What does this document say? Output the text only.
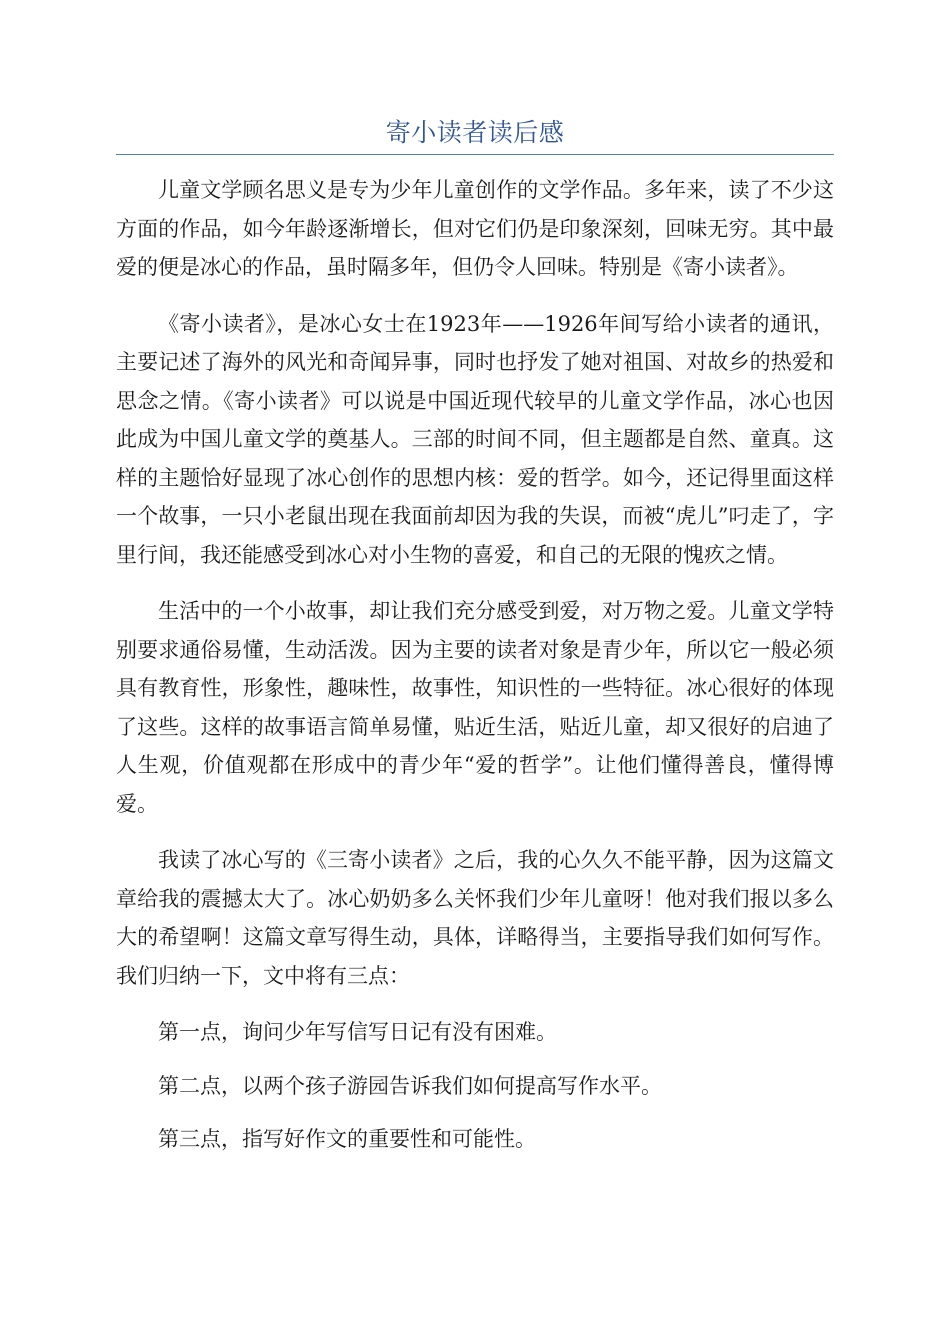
寄小读者读后感

儿童文学顾名思义是专为少年儿童创作的文学作品。多年来，读了不少这方面的作品，如今年龄逐渐增长，但对它们仍是印象深刻，回味无穷。其中最爱的便是冰心的作品，虽时隔多年，但仍令人回味。特别是《寄小读者》。

《寄小读者》，是冰心女士在1923年——1926年间写给小读者的通讯，主要记述了海外的风光和奇闻异事，同时也抒发了她对祖国、对故乡的热爱和思念之情。《寄小读者》可以说是中国近现代较早的儿童文学作品，冰心也因此成为中国儿童文学的奠基人。三部的时间不同，但主题都是自然、童真。这样的主题恰好显现了冰心创作的思想内核：爱的哲学。如今，还记得里面这样一个故事，一只小老鼠出现在我面前却因为我的失误，而被“虎儿”叼走了，字里行间，我还能感受到冰心对小生物的喜爱，和自己的无限的愧疚之情。

生活中的一个小故事，却让我们充分感受到爱，对万物之爱。儿童文学特别要求通俗易懂，生动活泼。因为主要的读者对象是青少年，所以它一般必须具有教育性，形象性，趣味性，故事性，知识性的一些特征。冰心很好的体现了这些。这样的故事语言简单易懂，贴近生活，贴近儿童，却又很好的启迪了人生观，价值观都在形成中的青少年“爱的哲学”。让他们懂得善良，懂得博爱。

我读了冰心写的《三寄小读者》之后，我的心久久不能平静，因为这篇文章给我的震撼太大了。冰心奶奶多么关怀我们少年儿童呀！他对我们报以多么大的希望啊！这篇文章写得生动，具体，详略得当，主要指导我们如何写作。我们归纳一下，文中将有三点：

第一点，询问少年写信写日记有没有困难。

第二点，以两个孩子游园告诉我们如何提高写作水平。

第三点，指写好作文的重要性和可能性。
